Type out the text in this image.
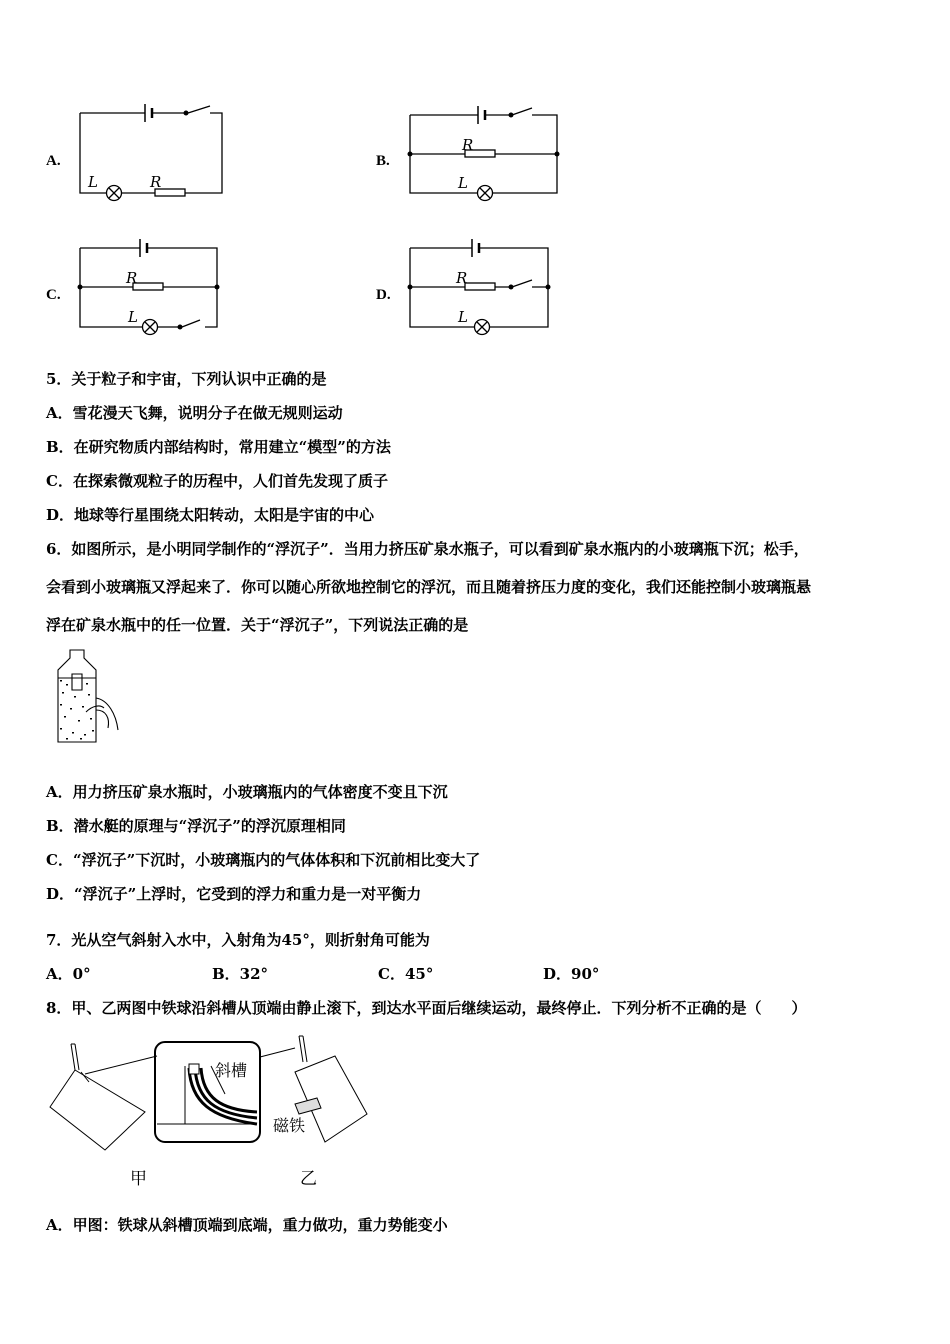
A.
L	R
B.
R
L
C.
R
L
D.
R
L
5．关于粒子和宇宙，下列认识中正确的是
A．雪花漫天飞舞，说明分子在做无规则运动
B．在研究物质内部结构时，常用建立“模型”的方法
C．在探索微观粒子的历程中，人们首先发现了质子
D．地球等行星围绕太阳转动，太阳是宇宙的中心
6．如图所示，是小明同学制作的“浮沉子”．当用力挤压矿泉水瓶子，可以看到矿泉水瓶内的小玻璃瓶下沉；松手，
会看到小玻璃瓶又浮起来了．你可以随心所欲地控制它的浮沉，而且随着挤压力度的变化，我们还能控制小玻璃瓶悬
浮在矿泉水瓶中的任一位置．关于“浮沉子”，下列说法正确的是
A．用力挤压矿泉水瓶时，小玻璃瓶内的气体密度不变且下沉
B．潜水艇的原理与“浮沉子”的浮沉原理相同
C．“浮沉子”下沉时，小玻璃瓶内的气体体积和下沉前相比变大了
D．“浮沉子”上浮时，它受到的浮力和重力是一对平衡力
7．光从空气斜射入水中，入射角为45°，则折射角可能为
A．0°	B．32°	C．45°	D．90°
8．甲、乙两图中铁球沿斜槽从顶端由静止滚下，到达水平面后继续运动，最终停止．下列分析不正确的是（　　）
斜槽
磁铁
甲	乙
A．甲图：铁球从斜槽顶端到底端，重力做功，重力势能变小
